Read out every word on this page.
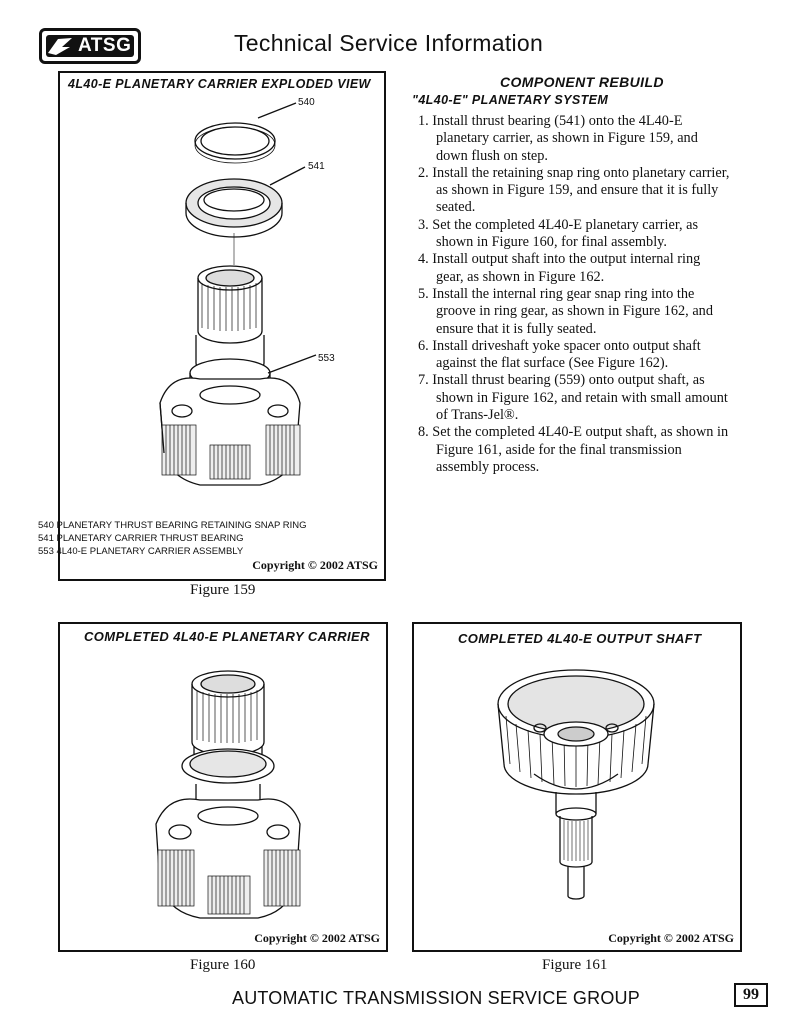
ATSG	Technical Service Information
4L40-E PLANETARY CARRIER EXPLODED VIEW
540
541
553
540 PLANETARY THRUST BEARING RETAINING SNAP RING
541 PLANETARY CARRIER THRUST BEARING
553 4L40-E PLANETARY CARRIER ASSEMBLY
Copyright © 2002 ATSG
Figure 159
COMPONENT REBUILD
"4L40-E" PLANETARY SYSTEM
1. Install thrust bearing (541) onto the 4L40-E planetary carrier, as shown in Figure 159, and down flush on step.
2. Install the retaining snap ring onto planetary carrier, as shown in Figure 159, and ensure that it is fully seated.
3. Set the completed 4L40-E planetary carrier, as shown in Figure 160, for final assembly.
4. Install output shaft into the output internal ring gear, as shown in Figure 162.
5. Install the internal ring gear snap ring into the groove in ring gear, as shown in Figure 162, and ensure that it is fully seated.
6. Install driveshaft yoke spacer onto output shaft against the flat surface (See Figure 162).
7. Install thrust bearing (559) onto output shaft, as shown in Figure 162, and retain with small amount of Trans-Jel®.
8. Set the completed 4L40-E output shaft, as shown in Figure 161, aside for the final transmission assembly process.
COMPLETED 4L40-E PLANETARY CARRIER
Copyright © 2002 ATSG
Figure 160
COMPLETED 4L40-E OUTPUT SHAFT
Copyright © 2002 ATSG
Figure 161
AUTOMATIC TRANSMISSION SERVICE GROUP	99
